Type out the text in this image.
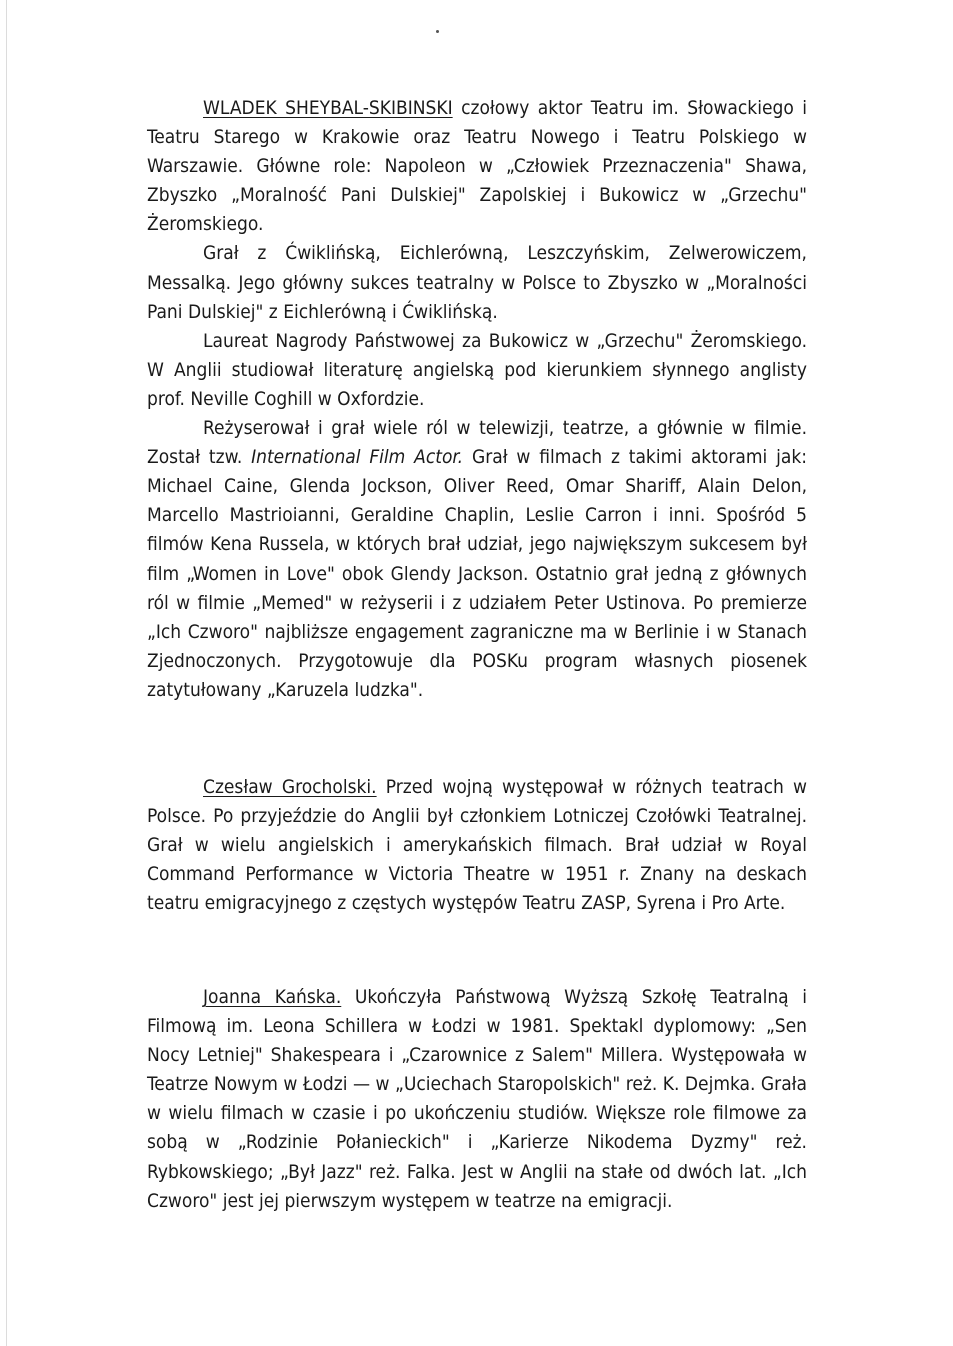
WLADEK SHEYBAL-SKIBINSKI czołowy aktor Teatru im. Słowackiego i Teatru Starego w Krakowie oraz Teatru Nowego i Teatru Polskiego w Warszawie. Główne role: Napoleon w „Człowiek Przeznaczenia" Shawa, Zbyszko „Moralność Pani Dulskiej" Zapolskiej i Bukowicz w „Grzechu" Żeromskiego.

Grał z Ćwiklińską, Eichlerówną, Leszczyńskim, Zelwerowiczem, Messalką. Jego główny sukces teatralny w Polsce to Zbyszko w „Moralności Pani Dulskiej" z Eichlerówną i Ćwiklińską.

Laureat Nagrody Państwowej za Bukowicz w „Grzechu" Żeromskiego. W Anglii studiował literaturę angielską pod kierunkiem słynnego anglisty prof. Neville Coghill w Oxfordzie.

Reżyserował i grał wiele ról w telewizji, teatrze, a głównie w filmie. Został tzw. International Film Actor. Grał w filmach z takimi aktorami jak: Michael Caine, Glenda Jockson, Oliver Reed, Omar Shariff, Alain Delon, Marcello Mastrioianni, Geraldine Chaplin, Leslie Carron i inni. Spośród 5 filmów Kena Russela, w których brał udział, jego największym sukcesem był film „Women in Love" obok Glendy Jackson. Ostatnio grał jedną z głównych ról w filmie „Memed" w reżyserii i z udziałem Peter Ustinova. Po premierze „Ich Czworo" najbliższe engagement zagraniczne ma w Berlinie i w Stanach Zjednoczonych. Przygotowuje dla POSKu program własnych piosenek zatytułowany „Karuzela ludzka".

Czesław Grocholski. Przed wojną występował w różnych teatrach w Polsce. Po przyjeździe do Anglii był członkiem Lotniczej Czołówki Teatralnej. Grał w wielu angielskich i amerykańskich filmach. Brał udział w Royal Command Performance w Victoria Theatre w 1951 r. Znany na deskach teatru emigracyjnego z częstych występów Teatru ZASP, Syrena i Pro Arte.

Joanna Kańska. Ukończyła Państwową Wyższą Szkołę Teatralną i Filmową im. Leona Schillera w Łodzi w 1981. Spektakl dyplomowy: „Sen Nocy Letniej" Shakespeara i „Czarownice z Salem" Millera. Występowała w Teatrze Nowym w Łodzi — w „Uciechach Staropolskich" reż. K. Dejmka. Grała w wielu filmach w czasie i po ukończeniu studiów. Większe role filmowe za sobą w „Rodzinie Połanieckich" i „Karierze Nikodema Dyzmy" reż. Rybkowskiego; „Był Jazz" reż. Falka. Jest w Anglii na stałe od dwóch lat. „Ich Czworo" jest jej pierwszym występem w teatrze na emigracji.
